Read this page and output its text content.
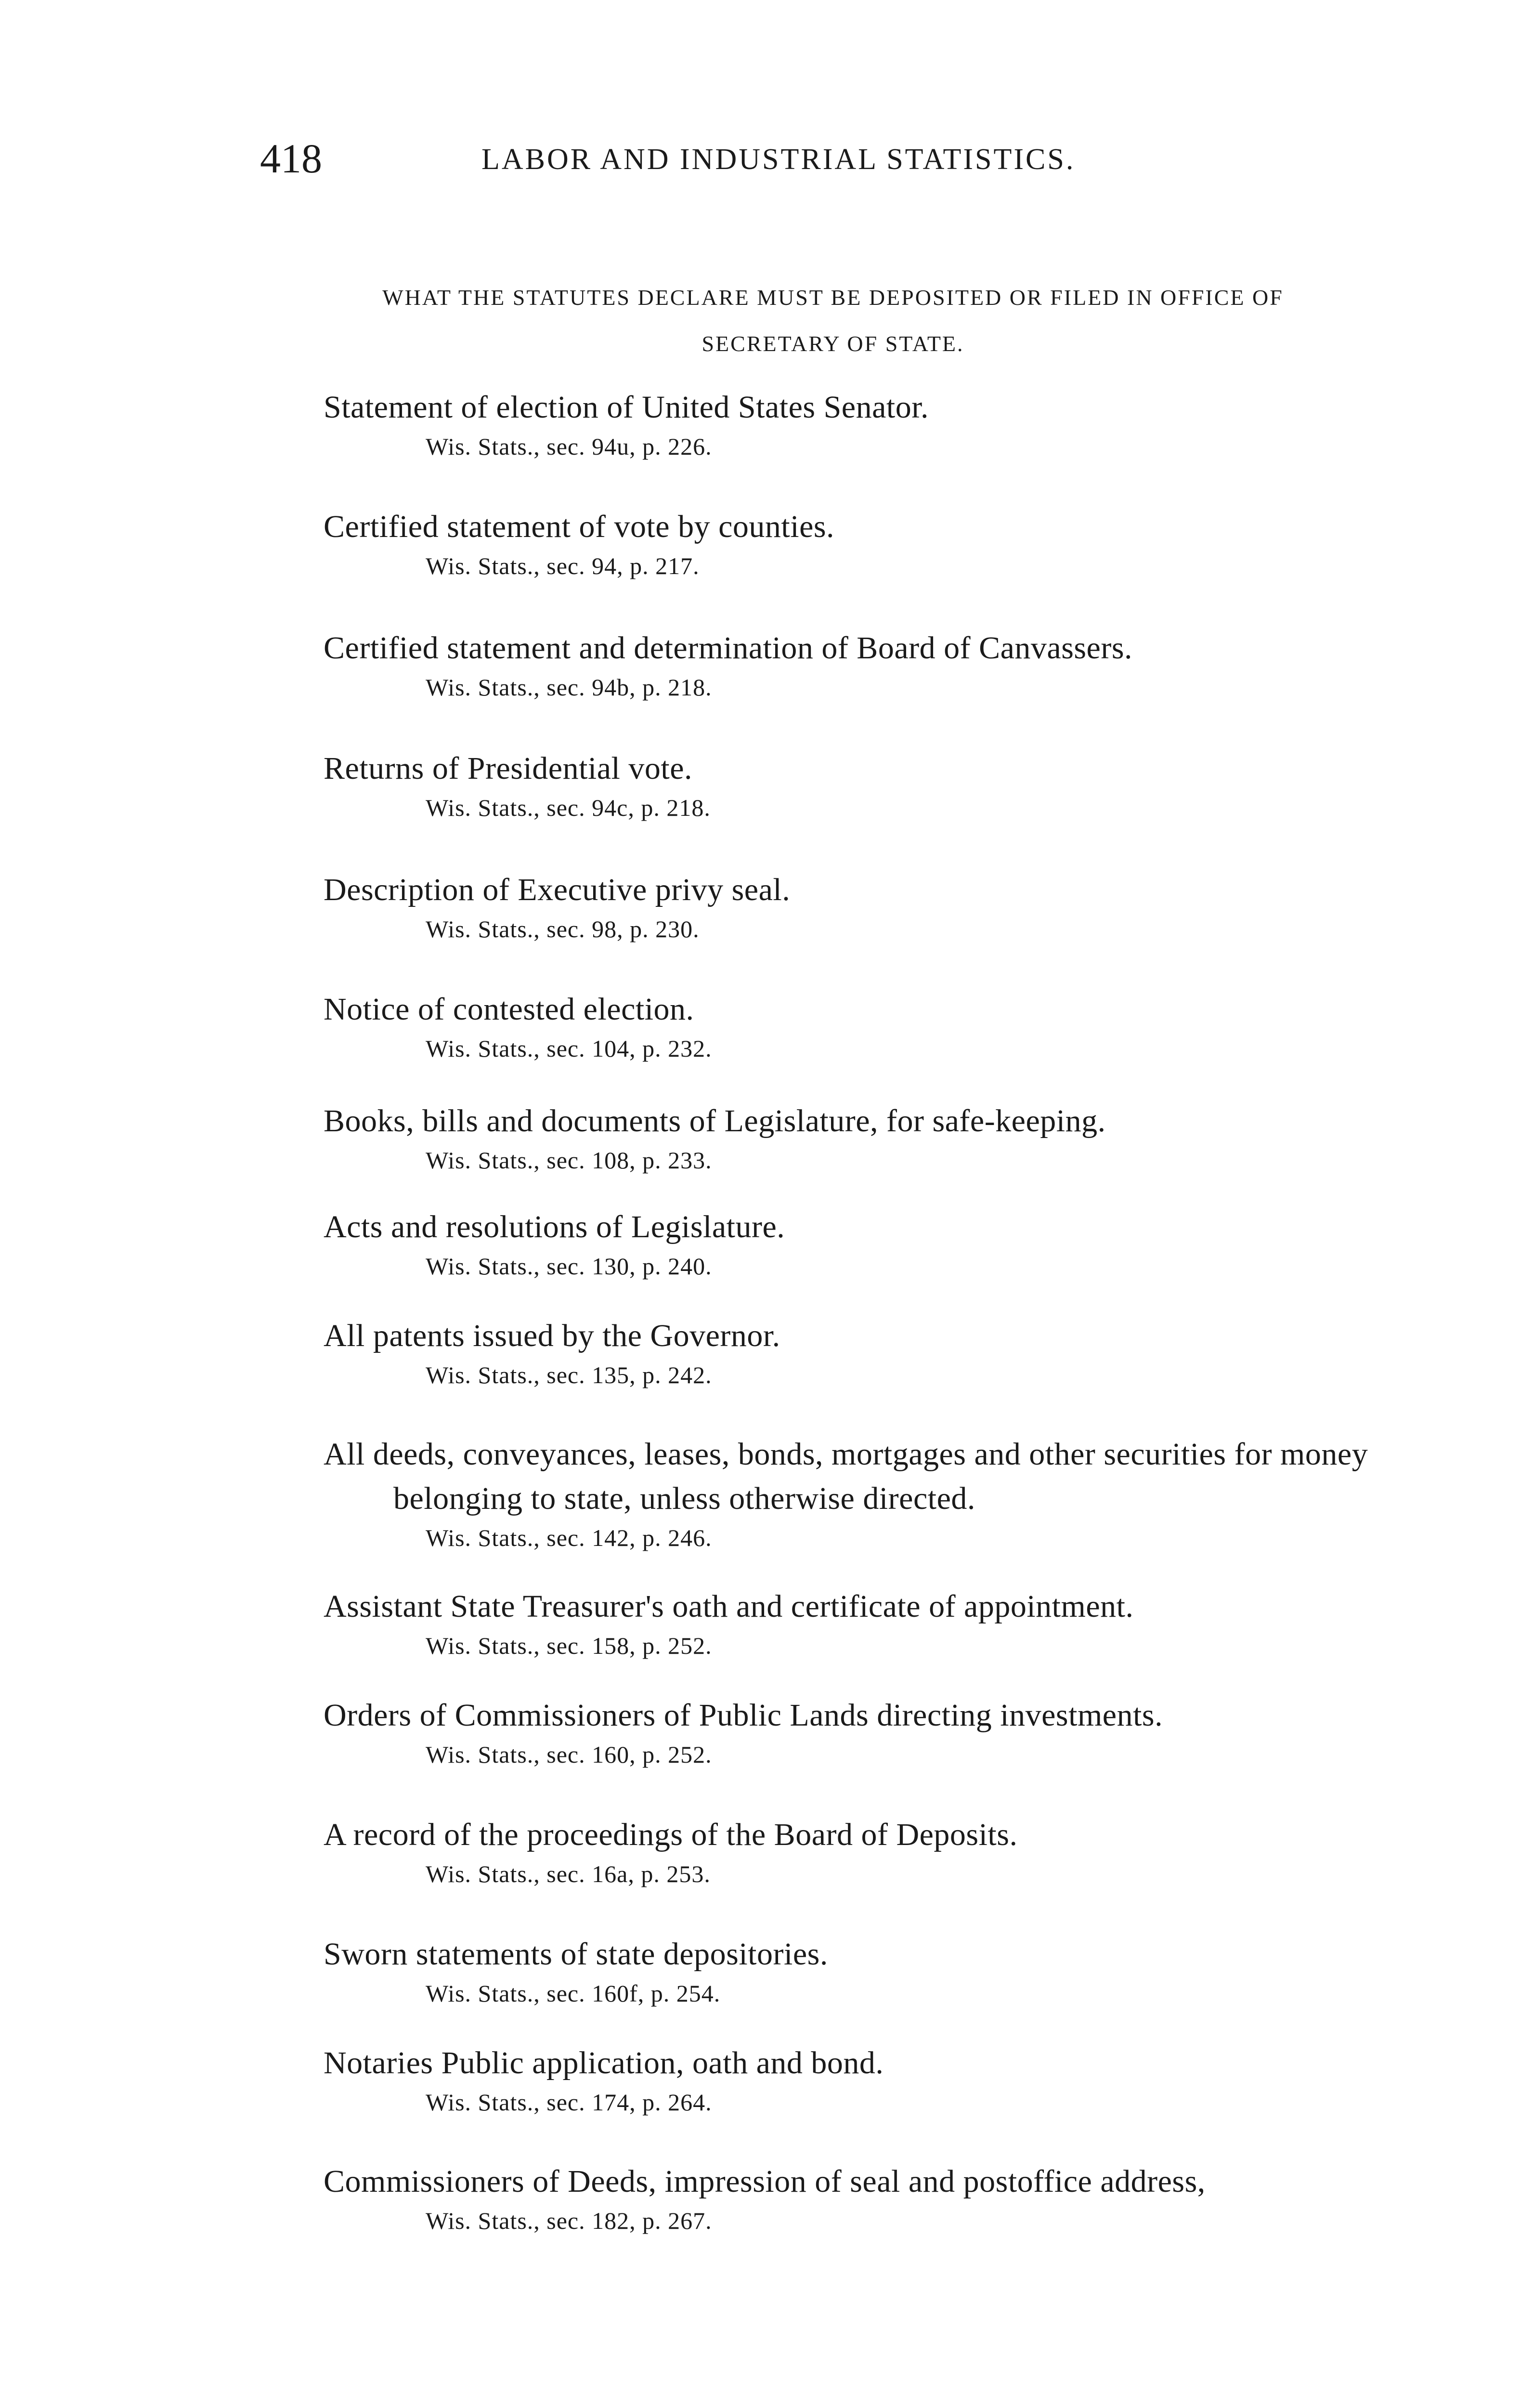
418	LABOR AND INDUSTRIAL STATISTICS.
WHAT THE STATUTES DECLARE MUST BE DEPOSITED OR FILED IN OFFICE OF
SECRETARY OF STATE.
Statement of election of United States Senator.
Wis. Stats., sec. 94u, p. 226.
Certified statement of vote by counties.
Wis. Stats., sec. 94, p. 217.
Certified statement and determination of Board of Canvassers.
Wis. Stats., sec. 94b, p. 218.
Returns of Presidential vote.
Wis. Stats., sec. 94c, p. 218.
Description of Executive privy seal.
Wis. Stats., sec. 98, p. 230.
Notice of contested election.
Wis. Stats., sec. 104, p. 232.
Books, bills and documents of Legislature, for safe-keeping.
Wis. Stats., sec. 108, p. 233.
Acts and resolutions of Legislature.
Wis. Stats., sec. 130, p. 240.
All patents issued by the Governor.
Wis. Stats., sec. 135, p. 242.
All deeds, conveyances, leases, bonds, mortgages and other securities for money belonging to state, unless otherwise directed.
Wis. Stats., sec. 142, p. 246.
Assistant State Treasurer's oath and certificate of appointment.
Wis. Stats., sec. 158, p. 252.
Orders of Commissioners of Public Lands directing investments.
Wis. Stats., sec. 160, p. 252.
A record of the proceedings of the Board of Deposits.
Wis. Stats., sec. 16a, p. 253.
Sworn statements of state depositories.
Wis. Stats., sec. 160f, p. 254.
Notaries Public application, oath and bond.
Wis. Stats., sec. 174, p. 264.
Commissioners of Deeds, impression of seal and postoffice address,
Wis. Stats., sec. 182, p. 267.
